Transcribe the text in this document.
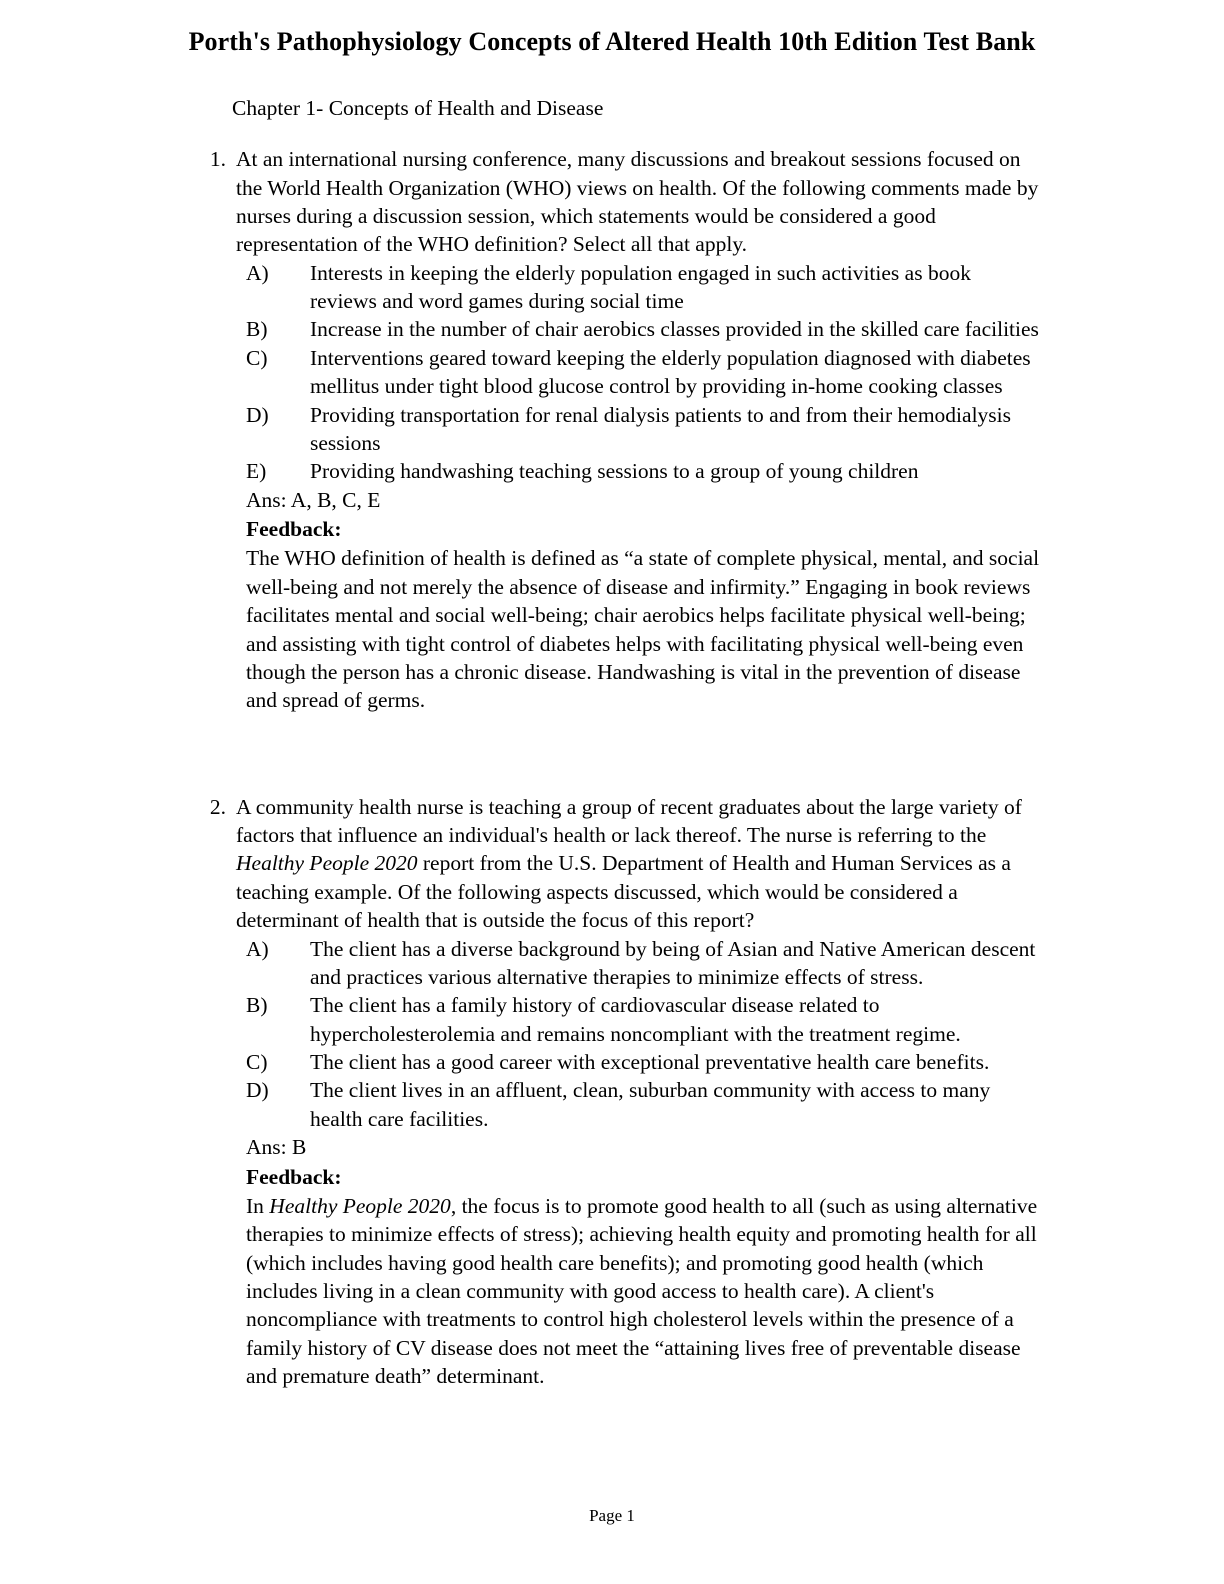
Porth's Pathophysiology Concepts of Altered Health 10th Edition Test Bank
Chapter 1- Concepts of Health and Disease
1. At an international nursing conference, many discussions and breakout sessions focused on the World Health Organization (WHO) views on health. Of the following comments made by nurses during a discussion session, which statements would be considered a good representation of the WHO definition? Select all that apply.
A)	Interests in keeping the elderly population engaged in such activities as book reviews and word games during social time
B)	Increase in the number of chair aerobics classes provided in the skilled care facilities
C)	Interventions geared toward keeping the elderly population diagnosed with diabetes mellitus under tight blood glucose control by providing in-home cooking classes
D)	Providing transportation for renal dialysis patients to and from their hemodialysis sessions
E)	Providing handwashing teaching sessions to a group of young children
Ans: A, B, C, E
Feedback:
The WHO definition of health is defined as “a state of complete physical, mental, and social well-being and not merely the absence of disease and infirmity.” Engaging in book reviews facilitates mental and social well-being; chair aerobics helps facilitate physical well-being; and assisting with tight control of diabetes helps with facilitating physical well-being even though the person has a chronic disease. Handwashing is vital in the prevention of disease and spread of germs.
2. A community health nurse is teaching a group of recent graduates about the large variety of factors that influence an individual's health or lack thereof. The nurse is referring to the Healthy People 2020 report from the U.S. Department of Health and Human Services as a teaching example. Of the following aspects discussed, which would be considered a determinant of health that is outside the focus of this report?
A)	The client has a diverse background by being of Asian and Native American descent and practices various alternative therapies to minimize effects of stress.
B)	The client has a family history of cardiovascular disease related to hypercholesterolemia and remains noncompliant with the treatment regime.
C)	The client has a good career with exceptional preventative health care benefits.
D)	The client lives in an affluent, clean, suburban community with access to many health care facilities.
Ans: B
Feedback:
In Healthy People 2020, the focus is to promote good health to all (such as using alternative therapies to minimize effects of stress); achieving health equity and promoting health for all (which includes having good health care benefits); and promoting good health (which includes living in a clean community with good access to health care). A client's noncompliance with treatments to control high cholesterol levels within the presence of a family history of CV disease does not meet the “attaining lives free of preventable disease and premature death” determinant.
Page 1
